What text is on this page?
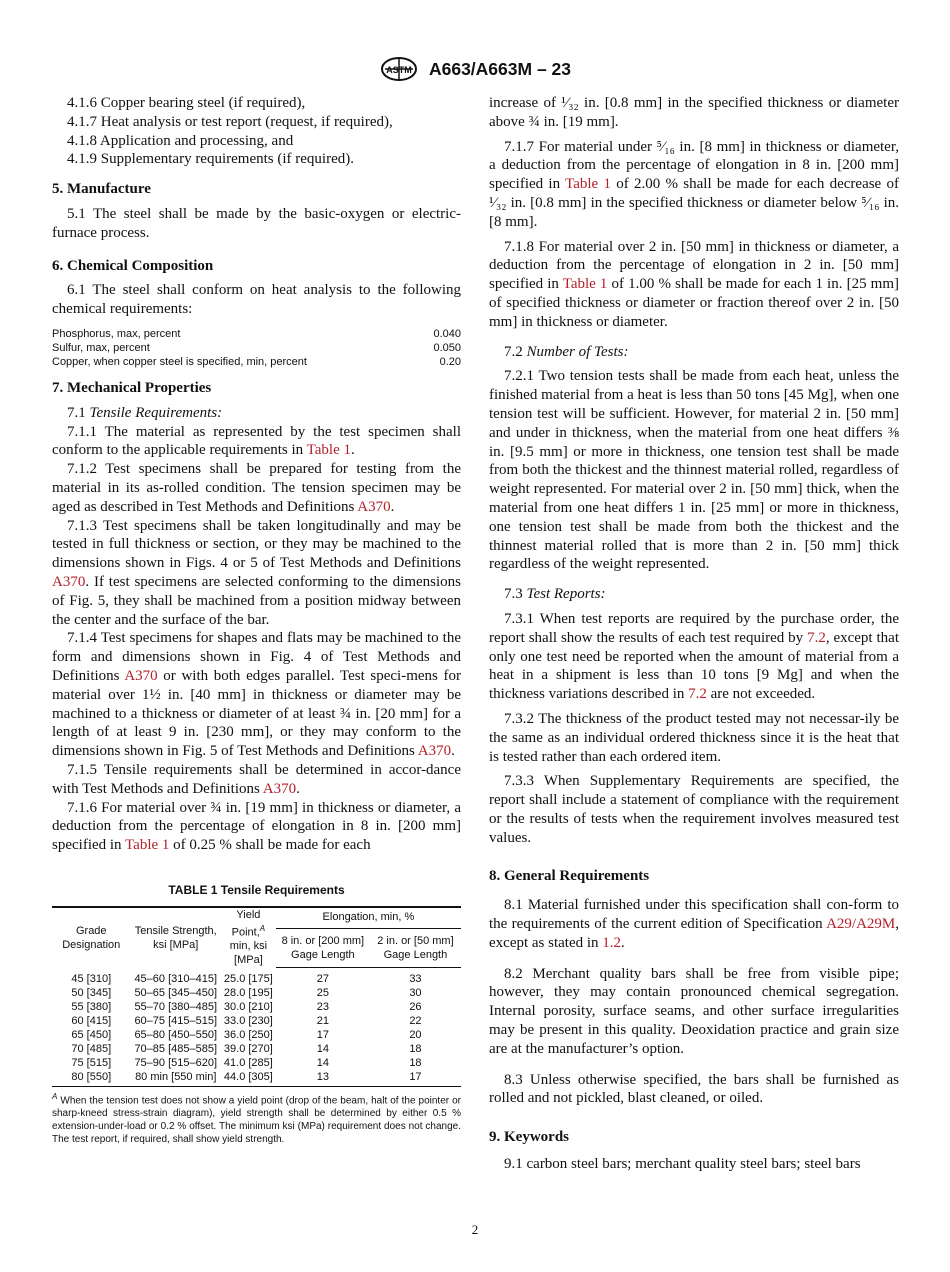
ASTM A663/A663M – 23

4.1.6 Copper bearing steel (if required),

4.1.7 Heat analysis or test report (request, if required),

4.1.8 Application and processing, and

4.1.9 Supplementary requirements (if required).

5. Manufacture

5.1 The steel shall be made by the basic-oxygen or electric-furnace process.

6. Chemical Composition

6.1 The steel shall conform on heat analysis to the following chemical requirements:

Phosphorus, max, percent	0.040
Sulfur, max, percent	0.050
Copper, when copper steel is specified, min, percent	0.20

7. Mechanical Properties

7.1 Tensile Requirements:

7.1.1 The material as represented by the test specimen shall conform to the applicable requirements in Table 1.

7.1.2 Test specimens shall be prepared for testing from the material in its as-rolled condition. The tension specimen may be aged as described in Test Methods and Definitions A370.

7.1.3 Test specimens shall be taken longitudinally and may be tested in full thickness or section, or they may be machined to the dimensions shown in Figs. 4 or 5 of Test Methods and Definitions A370. If test specimens are selected conforming to the dimensions of Fig. 5, they shall be machined from a position midway between the center and the surface of the bar.

7.1.4 Test specimens for shapes and flats may be machined to the form and dimensions shown in Fig. 4 of Test Methods and Definitions A370 or with both edges parallel. Test speci-mens for material over 1½ in. [40 mm] in thickness or diameter may be machined to a thickness or diameter of at least ¾ in. [20 mm] for a length of at least 9 in. [230 mm], or they may conform to the dimensions shown in Fig. 5 of Test Methods and Definitions A370.

7.1.5 Tensile requirements shall be determined in accor-dance with Test Methods and Definitions A370.

7.1.6 For material over ¾ in. [19 mm] in thickness or diameter, a deduction from the percentage of elongation in 8 in. [200 mm] specified in Table 1 of 0.25 % shall be made for each

TABLE 1 Tensile Requirements
Grade Designation	Tensile Strength, ksi [MPa]	Yield Point,$^A$
min, ksi [MPa]	Elongation, min, %	
			8 in. or [200 mm] Gage Length	2 in. or [50 mm] Gage Length
45 [310]	45–60 [310–415]	25.0 [175]	27	33
50 [345]	50–65 [345–450]	28.0 [195]	25	30
55 [380]	55–70 [380–485]	30.0 [210]	23	26
60 [415]	60–75 [415–515]	33.0 [230]	21	22
65 [450]	65–80 [450–550]	36.0 [250]	17	20
70 [485]	70–85 [485–585]	39.0 [270]	14	18
75 [515]	75–90 [515–620]	41.0 [285]	14	18
80 [550]	80 min [550 min]	44.0 [305]	13	17
$^A$ When the tension test does not show a yield point (drop of the beam, halt of the pointer or sharp-kneed stress-strain diagram), yield strength shall be determined by either 0.5 % extension-under-load or 0.2 % offset. The minimum ksi (MPa) requirement does not change. The test report, if required, shall show yield strength.

increase of ¹⁄₃₂ in. [0.8 mm] in the specified thickness or diameter above ¾ in. [19 mm].

7.1.7 For material under ⁵⁄₁₆ in. [8 mm] in thickness or diameter, a deduction from the percentage of elongation in 8 in. [200 mm] specified in Table 1 of 2.00 % shall be made for each decrease of ¹⁄₃₂ in. [0.8 mm] in the specified thickness or diameter below ⁵⁄₁₆ in. [8 mm].

7.1.8 For material over 2 in. [50 mm] in thickness or diameter, a deduction from the percentage of elongation in 2 in. [50 mm] specified in Table 1 of 1.00 % shall be made for each 1 in. [25 mm] of specified thickness or diameter or fraction thereof over 2 in. [50 mm] in thickness or diameter.

7.2 Number of Tests:

7.2.1 Two tension tests shall be made from each heat, unless the finished material from a heat is less than 50 tons [45 Mg], when one tension test will be sufficient. However, for material 2 in. [50 mm] and under in thickness, when the material from one heat differs ⅜ in. [9.5 mm] or more in thickness, one tension test shall be made from both the thickest and the thinnest material rolled, regardless of weight represented. For material over 2 in. [50 mm] thick, when the material from one heat differs 1 in. [25 mm] or more in thickness, one tension test shall be made from both the thickest and the thinnest material rolled that is more than 2 in. [50 mm] thick regardless of the weight represented.

7.3 Test Reports:

7.3.1 When test reports are required by the purchase order, the report shall show the results of each test required by 7.2, except that only one test need be reported when the amount of material from a heat in a shipment is less than 10 tons [9 Mg] and when the thickness variations described in 7.2 are not exceeded.

7.3.2 The thickness of the product tested may not necessar-ily be the same as an individual ordered thickness since it is the heat that is tested rather than each ordered item.

7.3.3 When Supplementary Requirements are specified, the report shall include a statement of compliance with the requirement or the results of tests when the requirement involves measured test values.

8. General Requirements

8.1 Material furnished under this specification shall con-form to the requirements of the current edition of Specification A29/A29M, except as stated in 1.2.

8.2 Merchant quality bars shall be free from visible pipe; however, they may contain pronounced chemical segregation. Internal porosity, surface seams, and other surface irregularities may be present in this quality. Deoxidation practice and grain size are at the manufacturer’s option.

8.3 Unless otherwise specified, the bars shall be furnished as rolled and not pickled, blast cleaned, or oiled.

9. Keywords

9.1 carbon steel bars; merchant quality steel bars; steel bars

2
